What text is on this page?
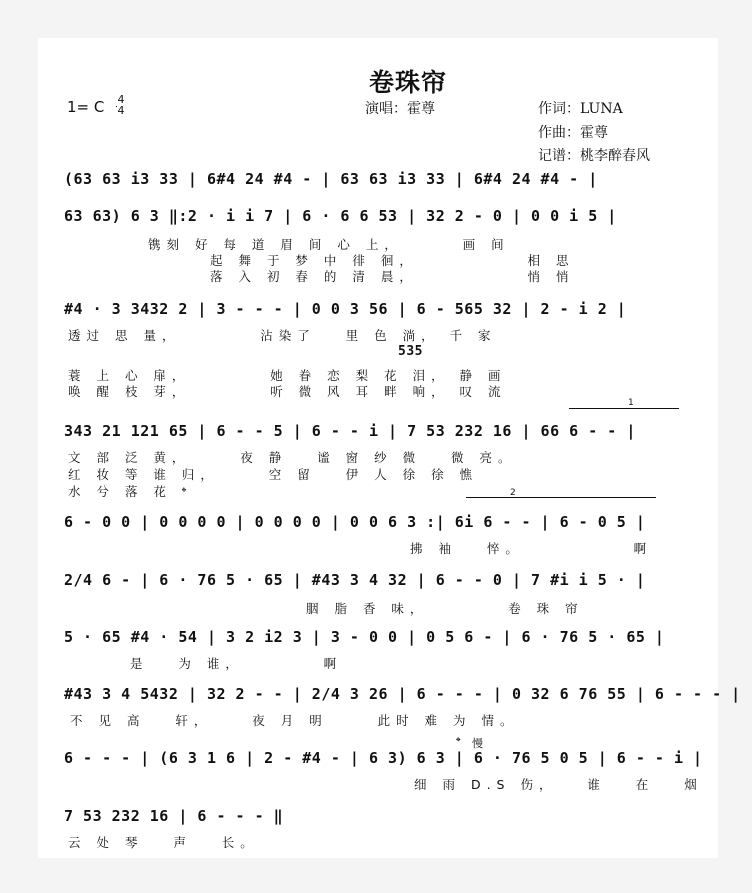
卷珠帘
1= C 4
4	演唱：霍尊	作词：LUNA
作曲：霍尊
记谱：桃李醉春风
(63 63 i3 33 | 6#4 24 #4 - | 63 63 i3 33 | 6#4 24 #4 - |
63 63) 6 3 ‖:2 · i i 7 | 6 · 6 6 53 | 32 2 - 0 | 0 0 i 5 |
镌刻 好 每 道 眉 间 心 上，      画 间
起 舞 于 梦 中 徘 徊，           相 思
落 入 初 春 的 清 晨，           悄 悄
#4 · 3 3432 2 | 3 - - - | 0 0 3 56 | 6 - 565 32 | 2 - i 2 |
透过 思 量，        沾染了   里 色 淌， 千 家
535
蓑 上 心 扉，        她 眷 恋 梨 花 泪， 静 画
唤 醒 枝 芽，        听 微 风 耳 畔 响， 叹 流
1
343 21 121 65 | 6 - - 5 | 6 - - i | 7 53 232 16 | 66 6 - - |
文 部 泛 黄，     夜 静   谧 窗 纱 微   微 亮。
红 妆 等 谁 归，     空 留   伊 人 徐 徐 憔
水 兮 落 花 𝄌	2
6 - 0 0 | 0 0 0 0 | 0 0 0 0 | 0 0 6 3 :| 6i 6 - - | 6 - 0 5 |
拂 袖   悴。           啊
2/4 6 - | 6 · 76 5 · 65 | #43 3 4 32 | 6 - - 0 | 7 #i i 5 · |
胭 脂 香 味，        卷 珠 帘
5 · 65 #4 · 54 | 3 2 i2 3 | 3 - 0 0 | 0 5 6 - | 6 · 76 5 · 65 |
是   为 谁，        啊
#43 3 4 5432 | 32 2 - - | 2/4 3 26 | 6 - - - | 0 32 6 76 55 | 6 - - - |
不 见 高   轩，    夜 月 明     此时 难 为 情。
𝄌 慢
6 - - - | (6 3 1 6 | 2 - #4 - | 6 3) 6 3 | 6 · 76 5 0 5 | 6 - - i |
细 雨 D.S 伤，   谁   在   烟
7 53 232 16 | 6 - - - ‖
云 处 琴   声   长。
